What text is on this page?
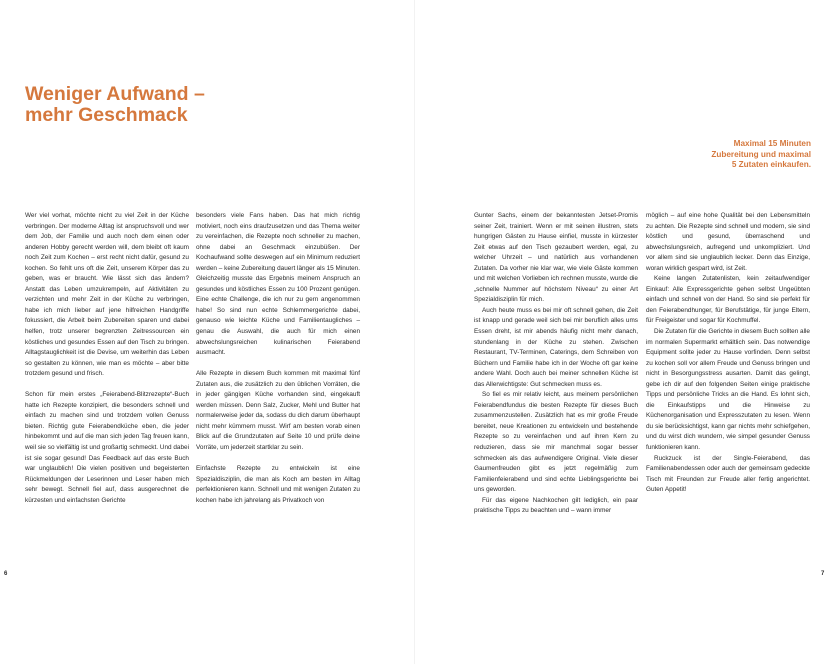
Weniger Aufwand –
mehr Geschmack

Wer viel vorhat, möchte nicht zu viel Zeit in der Küche verbringen. Der moderne Alltag ist anspruchsvoll und wer dem Job, der Familie und auch noch dem einen oder anderen Hobby gerecht werden will, dem bleibt oft kaum noch Zeit zum Kochen – erst recht nicht dafür, gesund zu kochen. So fehlt uns oft die Zeit, unserem Körper das zu geben, was er braucht. Wie lässt sich das ändern? Anstatt das Leben umzukrempeln, auf Aktivitäten zu verzichten und mehr Zeit in der Küche zu verbringen, habe ich mich lieber auf jene hilfreichen Handgriffe fokussiert, die Arbeit beim Zubereiten sparen und dabei helfen, trotz unserer begrenzten Zeitressourcen ein köstliches und gesundes Essen auf den Tisch zu bringen. Alltagstauglichkeit ist die Devise, um weiterhin das Leben so gestalten zu können, wie man es möchte – aber bitte trotzdem gesund und frisch.

Schon für mein erstes „Feierabend-Blitzrezepte“-Buch hatte ich Rezepte konzipiert, die besonders schnell und einfach zu machen sind und trotzdem vollen Genuss bieten. Richtig gute Feierabendküche eben, die jeder hinbekommt und auf die man sich jeden Tag freuen kann, weil sie so vielfältig ist und großartig schmeckt. Und dabei ist sie sogar gesund! Das Feedback auf das erste Buch war unglaublich! Die vielen positiven und begeisterten Rückmeldungen der Leserinnen und Leser haben mich sehr bewegt. Schnell fiel auf, dass ausgerechnet die kürzesten und einfachsten Gerichte

besonders viele Fans haben. Das hat mich richtig motiviert, noch eins draufzusetzen und das Thema weiter zu vereinfachen, die Rezepte noch schneller zu machen, ohne dabei an Geschmack einzubüßen. Der Kochaufwand sollte deswegen auf ein Minimum reduziert werden – keine Zubereitung dauert länger als 15 Minuten. Gleichzeitig musste das Ergebnis meinem Anspruch an gesundes und köstliches Essen zu 100 Prozent genügen. Eine echte Challenge, die ich nur zu gern angenommen habe! So sind nun echte Schlemmergerichte dabei, genauso wie leichte Küche und Familientaugliches – genau die Auswahl, die auch für mich einen abwechslungsreichen kulinarischen Feierabend ausmacht.

Alle Rezepte in diesem Buch kommen mit maximal fünf Zutaten aus, die zusätzlich zu den üblichen Vorräten, die in jeder gängigen Küche vorhanden sind, eingekauft werden müssen. Denn Salz, Zucker, Mehl und Butter hat normalerweise jeder da, sodass du dich darum überhaupt nicht mehr kümmern musst. Wirf am besten vorab einen Blick auf die Grundzutaten auf Seite 10 und prüfe deine Vorräte, um jederzeit startklar zu sein.

Einfachste Rezepte zu entwickeln ist eine Spezialdisziplin, die man als Koch am besten im Alltag perfektionieren kann. Schnell und mit wenigen Zutaten zu kochen habe ich jahrelang als Privatkoch von

6
Maximal 15 Minuten
Zubereitung und maximal
5 Zutaten einkaufen.

Gunter Sachs, einem der bekanntesten Jetset-Promis seiner Zeit, trainiert. Wenn er mit seinen illustren, stets hungrigen Gästen zu Hause einfiel, musste in kürzester Zeit etwas auf den Tisch gezaubert werden, egal, zu welcher Uhrzeit – und natürlich aus vorhandenen Zutaten. Da vorher nie klar war, wie viele Gäste kommen und mit welchen Vorlieben ich rechnen musste, wurde die „schnelle Nummer auf höchstem Niveau“ zu einer Art Spezialdisziplin für mich.

Auch heute muss es bei mir oft schnell gehen, die Zeit ist knapp und gerade weil sich bei mir beruflich alles ums Essen dreht, ist mir abends häufig nicht mehr danach, stundenlang in der Küche zu stehen. Zwischen Restaurant, TV-Terminen, Caterings, dem Schreiben von Büchern und Familie habe ich in der Woche oft gar keine andere Wahl. Doch auch bei meiner schnellen Küche ist das Allerwichtigste: Gut schmecken muss es.

So fiel es mir relativ leicht, aus meinem persönlichen Feierabendfundus die besten Rezepte für dieses Buch zusammenzustellen. Zusätzlich hat es mir große Freude bereitet, neue Kreationen zu entwickeln und bestehende Rezepte so zu vereinfachen und auf ihren Kern zu reduzieren, dass sie mir manchmal sogar besser schmecken als das aufwendigere Original. Viele dieser Gaumenfreuden gibt es jetzt regelmäßig zum Familienfeierabend und sind echte Lieblingsgerichte bei uns geworden.

Für das eigene Nachkochen gilt lediglich, ein paar praktische Tipps zu beachten und – wann immer

möglich – auf eine hohe Qualität bei den Lebensmitteln zu achten. Die Rezepte sind schnell und modern, sie sind köstlich und gesund, überraschend und abwechslungsreich, aufregend und unkompliziert. Und vor allem sind sie unglaublich lecker. Denn das Einzige, woran wirklich gespart wird, ist Zeit.

Keine langen Zutatenlisten, kein zeitaufwendiger Einkauf: Alle Expressgerichte gehen selbst Ungeübten einfach und schnell von der Hand. So sind sie perfekt für den Feierabendhunger, für Berufstätige, für junge Eltern, für Freigeister und sogar für Kochmuffel.

Die Zutaten für die Gerichte in diesem Buch sollten alle im normalen Supermarkt erhältlich sein. Das notwendige Equipment sollte jeder zu Hause vorfinden. Denn selbst zu kochen soll vor allem Freude und Genuss bringen und nicht in Besorgungsstress ausarten. Damit das gelingt, gebe ich dir auf den folgenden Seiten einige praktische Tipps und persönliche Tricks an die Hand. Es lohnt sich, die Einkaufstipps und die Hinweise zu Küchenorganisation und Expresszutaten zu lesen. Wenn du sie berücksichtigst, kann gar nichts mehr schiefgehen, und du wirst dich wundern, wie simpel gesunder Genuss funktionieren kann.

Ruckzuck ist der Single-Feierabend, das Familienabendessen oder auch der gemeinsam gedeckte Tisch mit Freunden zur Freude aller fertig angerichtet. Guten Appetit!

7
